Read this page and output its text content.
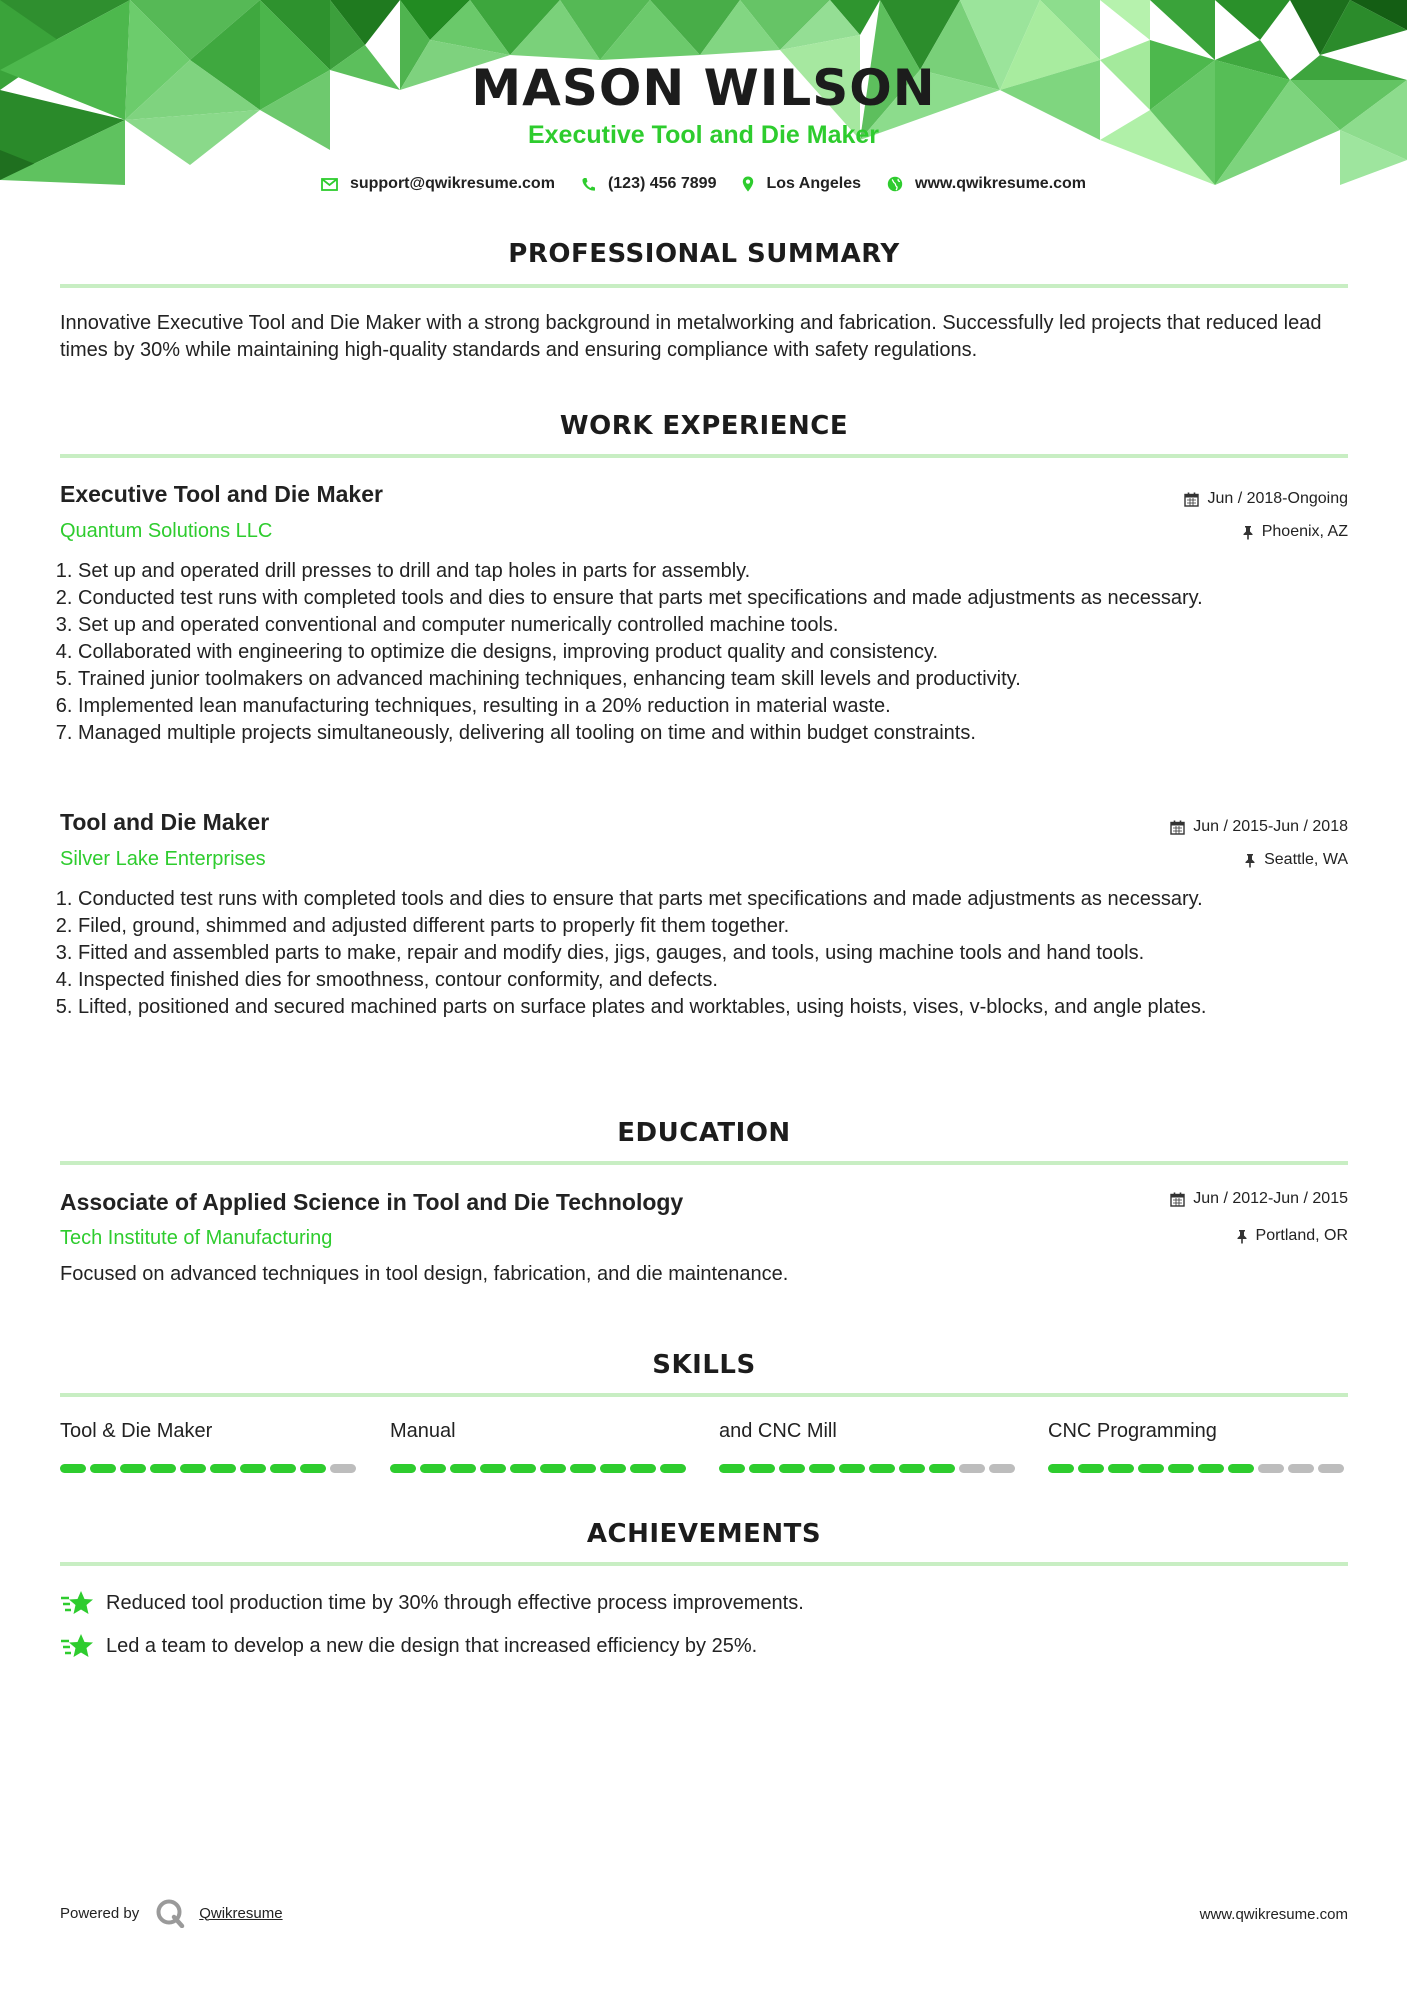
MASON WILSON
Executive Tool and Die Maker
support@qwikresume.com	(123) 456 7899	Los Angeles	www.qwikresume.com
PROFESSIONAL SUMMARY
Innovative Executive Tool and Die Maker with a strong background in metalworking and fabrication. Successfully led projects that reduced lead times by 30% while maintaining high-quality standards and ensuring compliance with safety regulations.
WORK EXPERIENCE
Executive Tool and Die Maker	Jun / 2018-Ongoing
Quantum Solutions LLC	Phoenix, AZ
1. Set up and operated drill presses to drill and tap holes in parts for assembly.
2. Conducted test runs with completed tools and dies to ensure that parts met specifications and made adjustments as necessary.
3. Set up and operated conventional and computer numerically controlled machine tools.
4. Collaborated with engineering to optimize die designs, improving product quality and consistency.
5. Trained junior toolmakers on advanced machining techniques, enhancing team skill levels and productivity.
6. Implemented lean manufacturing techniques, resulting in a 20% reduction in material waste.
7. Managed multiple projects simultaneously, delivering all tooling on time and within budget constraints.
Tool and Die Maker	Jun / 2015-Jun / 2018
Silver Lake Enterprises	Seattle, WA
1. Conducted test runs with completed tools and dies to ensure that parts met specifications and made adjustments as necessary.
2. Filed, ground, shimmed and adjusted different parts to properly fit them together.
3. Fitted and assembled parts to make, repair and modify dies, jigs, gauges, and tools, using machine tools and hand tools.
4. Inspected finished dies for smoothness, contour conformity, and defects.
5. Lifted, positioned and secured machined parts on surface plates and worktables, using hoists, vises, v-blocks, and angle plates.
EDUCATION
Associate of Applied Science in Tool and Die Technology	Jun / 2012-Jun / 2015
Tech Institute of Manufacturing	Portland, OR
Focused on advanced techniques in tool design, fabrication, and die maintenance.
SKILLS
Tool & Die Maker	Manual	and CNC Mill	CNC Programming
ACHIEVEMENTS
Reduced tool production time by 30% through effective process improvements.
Led a team to develop a new die design that increased efficiency by 25%.
Powered by	Qwikresume	www.qwikresume.com
